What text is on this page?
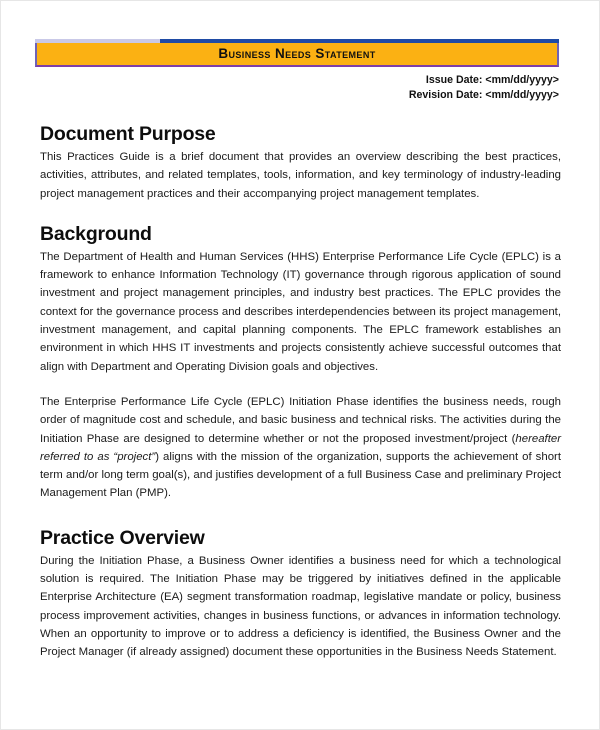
Business Needs Statement
Issue Date: <mm/dd/yyyy>
Revision Date: <mm/dd/yyyy>
Document Purpose

This Practices Guide is a brief document that provides an overview describing the best practices, activities, attributes, and related templates, tools, information, and key terminology of industry-leading project management practices and their accompanying project management templates.

Background

The Department of Health and Human Services (HHS) Enterprise Performance Life Cycle (EPLC) is a framework to enhance Information Technology (IT) governance through rigorous application of sound investment and project management principles, and industry best practices. The EPLC provides the context for the governance process and describes interdependencies between its project management, investment management, and capital planning components. The EPLC framework establishes an environment in which HHS IT investments and projects consistently achieve successful outcomes that align with Department and Operating Division goals and objectives.

The Enterprise Performance Life Cycle (EPLC) Initiation Phase identifies the business needs, rough order of magnitude cost and schedule, and basic business and technical risks. The activities during the Initiation Phase are designed to determine whether or not the proposed investment/project (hereafter referred to as “project”) aligns with the mission of the organization, supports the achievement of short term and/or long term goal(s), and justifies development of a full Business Case and preliminary Project Management Plan (PMP).

Practice Overview

During the Initiation Phase, a Business Owner identifies a business need for which a technological solution is required. The Initiation Phase may be triggered by initiatives defined in the applicable Enterprise Architecture (EA) segment transformation roadmap, legislative mandate or policy, business process improvement activities, changes in business functions, or advances in information technology. When an opportunity to improve or to address a deficiency is identified, the Business Owner and the Project Manager (if already assigned) document these opportunities in the Business Needs Statement.
